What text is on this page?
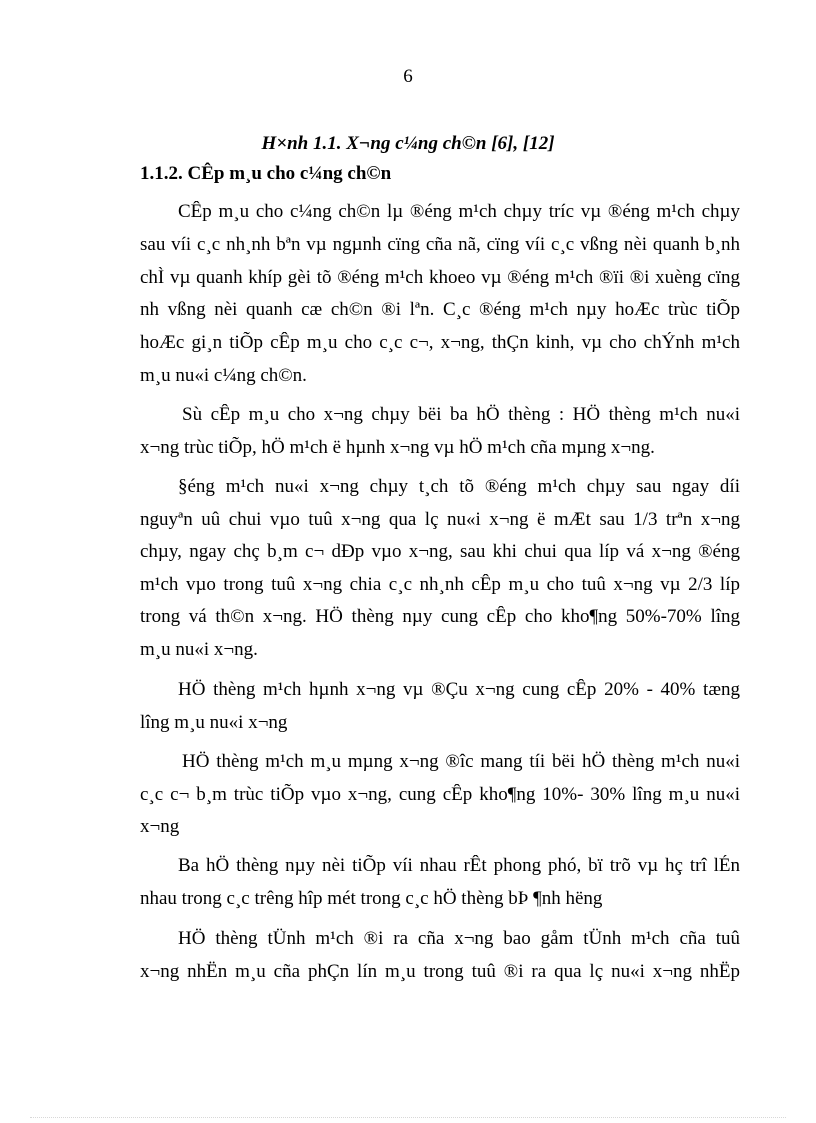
6
H×nh 1.1. X¬ng c¼ng ch©n [6], [12]
1.1.2. CÊp m¸u cho c¼ng ch©n
CÊp m¸u cho c¼ng ch©n lµ ®éng m¹ch chµy tríc vµ ®éng m¹ch chµy
sau víi c¸c nh¸nh bªn vµ ngµnh cïng cña nã, cïng víi c¸c vßng nèi quanh b¸nh
chÌ vµ quanh khíp gèi tõ ®éng m¹ch khoeo vµ ®éng m¹ch ®ïi ®i xuèng cïng
nh vßng nèi quanh cæ ch©n ®i lªn. C¸c ®éng m¹ch nµy hoÆc trùc tiÕp
hoÆc gi¸n tiÕp cÊp m¸u cho c¸c c¬, x¬ng, thÇn kinh, vµ cho chÝnh m¹ch
m¸u nu«i c¼ng ch©n.
Sù cÊp m¸u cho x¬ng chµy bëi ba hÖ thèng : HÖ thèng m¹ch nu«i
x¬ng trùc tiÕp, hÖ m¹ch ë hµnh x¬ng vµ hÖ m¹ch cña mµng x¬ng.
§éng m¹ch nu«i x¬ng chµy t¸ch tõ ®éng m¹ch chµy sau ngay díi
nguyªn uû chui vµo tuû x¬ng qua lç nu«i x¬ng ë mÆt sau 1/3 trªn x¬ng
chµy, ngay chç b¸m c¬ dÐp vµo x¬ng, sau khi chui qua líp vá x¬ng ®éng
m¹ch vµo trong tuû x¬ng chia c¸c nh¸nh cÊp m¸u cho tuû x¬ng vµ 2/3 líp
trong vá th©n x¬ng. HÖ thèng nµy cung cÊp cho kho¶ng 50%-70% lîng
m¸u nu«i x¬ng.
HÖ thèng m¹ch hµnh x¬ng vµ ®Çu x¬ng cung cÊp 20% - 40% tæng
lîng m¸u nu«i x¬ng
HÖ thèng m¹ch m¸u mµng x¬ng ®îc mang tíi bëi hÖ thèng m¹ch nu«i
c¸c c¬ b¸m trùc tiÕp vµo x¬ng, cung cÊp kho¶ng 10%- 30% lîng m¸u nu«i
x¬ng
Ba hÖ thèng nµy nèi tiÕp víi nhau rÊt phong phó, bï trõ vµ hç trî lÉn
nhau trong c¸c trêng hîp mét trong c¸c hÖ thèng bÞ ¶nh hëng
HÖ thèng tÜnh m¹ch ®i ra cña x¬ng bao gåm tÜnh m¹ch cña tuû
x¬ng nhËn m¸u cña phÇn lín m¸u trong tuû ®i ra qua lç nu«i x¬ng nhËp
